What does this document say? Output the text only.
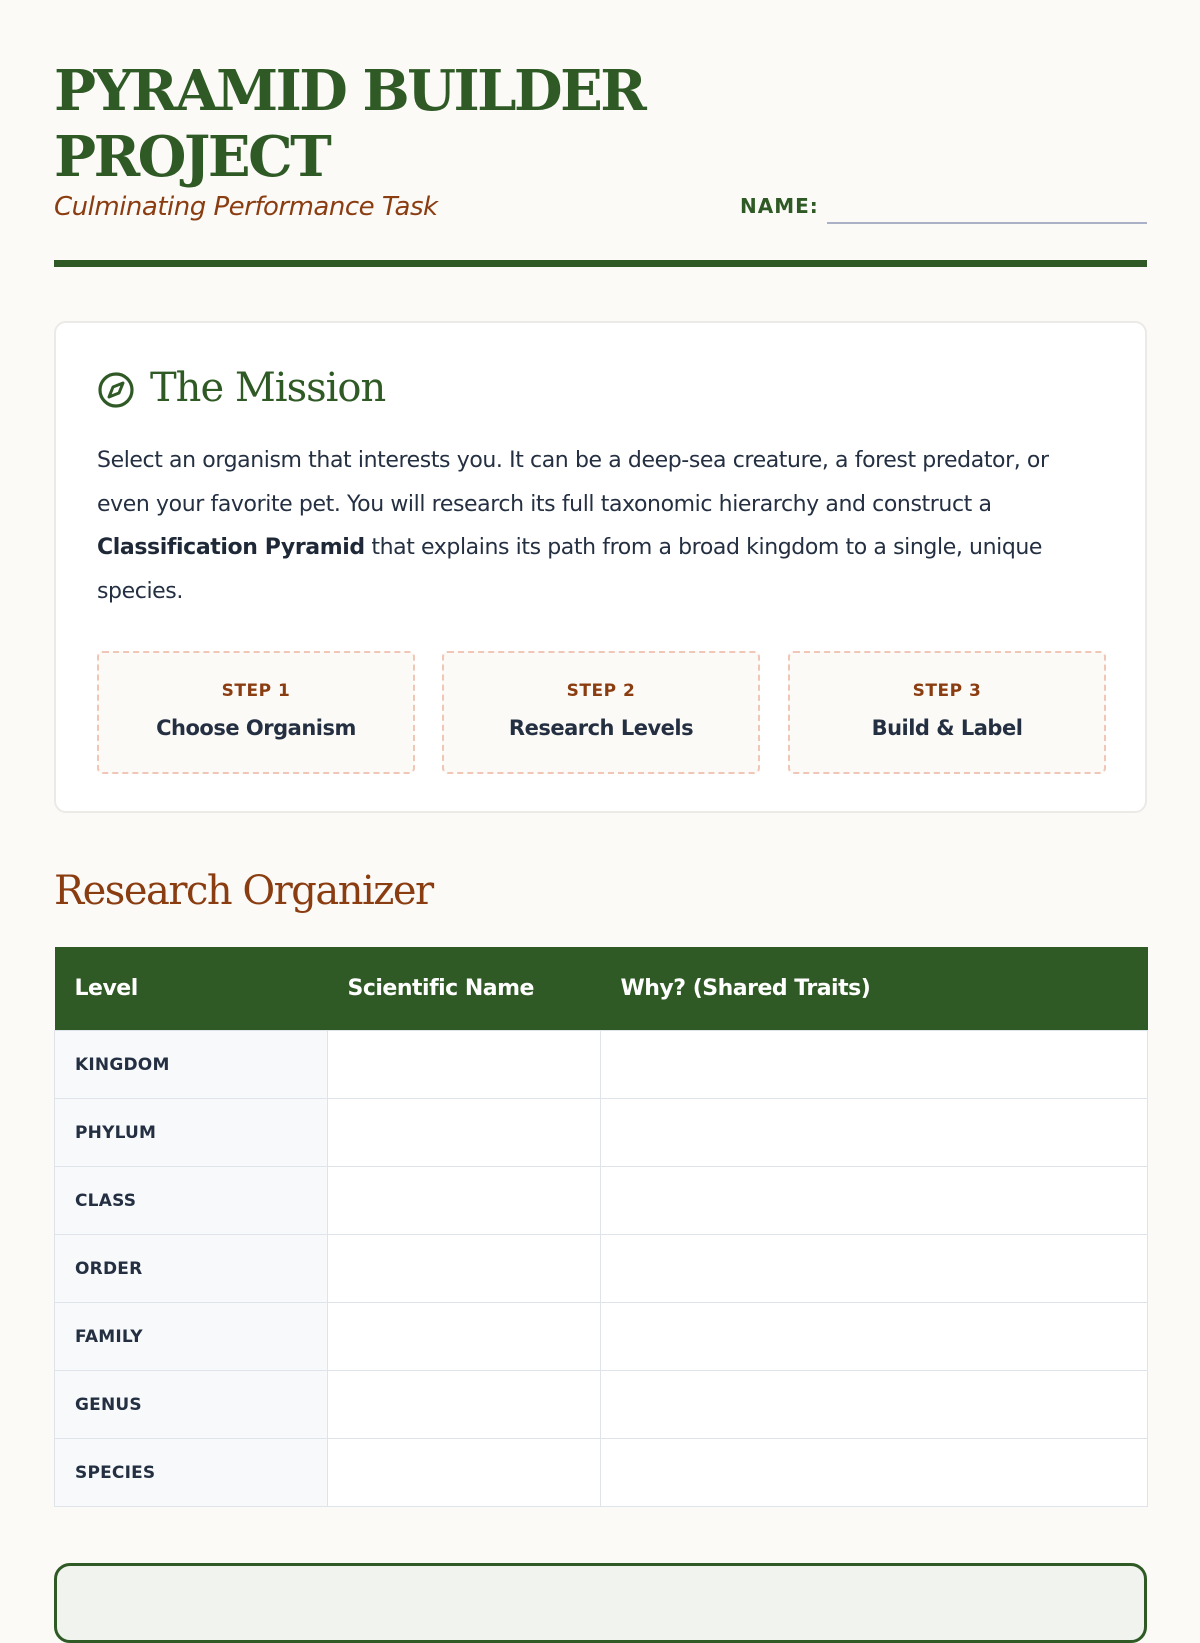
PYRAMID BUILDER PROJECT
Culminating Performance Task	NAME:
The Mission

Select an organism that interests you. It can be a deep-sea creature, a forest predator, or even your favorite pet. You will research its full taxonomic hierarchy and construct a Classification Pyramid that explains its path from a broad kingdom to a single, unique species.

STEP 1
Choose Organism
STEP 2
Research Levels
STEP 3
Build & Label
Research Organizer
Level	Scientific Name	Why? (Shared Traits)
KINGDOM		
PHYLUM		
CLASS		
ORDER		
FAMILY		
GENUS		
SPECIES		
